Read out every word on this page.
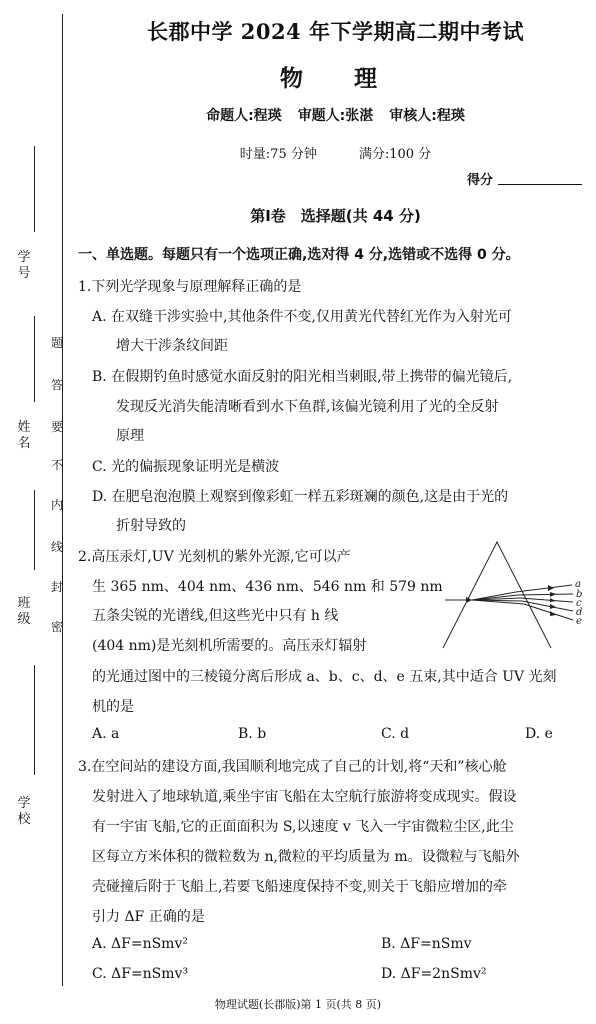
学号
姓名
班级
学校
题
答
要
不
内
线
封
密
长郡中学 2024 年下学期高二期中考试
物　理
命题人:程瑛 审题人:张湛 审核人:程瑛
时量:75 分钟	满分:100 分
得分
第Ⅰ卷　选择题(共 44 分)
一、单选题。每题只有一个选项正确,选对得 4 分,选错或不选得 0 分。
1.下列光学现象与原理解释正确的是
A. 在双缝干涉实验中,其他条件不变,仅用黄光代替红光作为入射光可
增大干涉条纹间距
B. 在假期钓鱼时感觉水面反射的阳光相当刺眼,带上携带的偏光镜后,
发现反光消失能清晰看到水下鱼群,该偏光镜利用了光的全反射
原理
C. 光的偏振现象证明光是横波
D. 在肥皂泡泡膜上观察到像彩虹一样五彩斑斓的颜色,这是由于光的
折射导致的
2.高压汞灯,UV 光刻机的紫外光源,它可以产
生 365 nm、404 nm、436 nm、546 nm 和 579 nm
五条尖锐的光谱线,但这些光中只有 h 线
(404 nm)是光刻机所需要的。高压汞灯辐射
的光通过图中的三棱镜分离后形成 a、b、c、d、e 五束,其中适合 UV 光刻
机的是
a
b
c
d
e
A. a	B. b	C. d	D. e
3.在空间站的建设方面,我国顺利地完成了自己的计划,将“天和”核心舱
发射进入了地球轨道,乘坐宇宙飞船在太空航行旅游将变成现实。假设
有一宇宙飞船,它的正面面积为 S,以速度 v 飞入一宇宙微粒尘区,此尘
区每立方米体积的微粒数为 n,微粒的平均质量为 m。设微粒与飞船外
壳碰撞后附于飞船上,若要飞船速度保持不变,则关于飞船应增加的牵
引力 ΔF 正确的是
A. ΔF=nSmv²	B. ΔF=nSmv
C. ΔF=nSmv³	D. ΔF=2nSmv²
物理试题(长郡版)第 1 页(共 8 页)
